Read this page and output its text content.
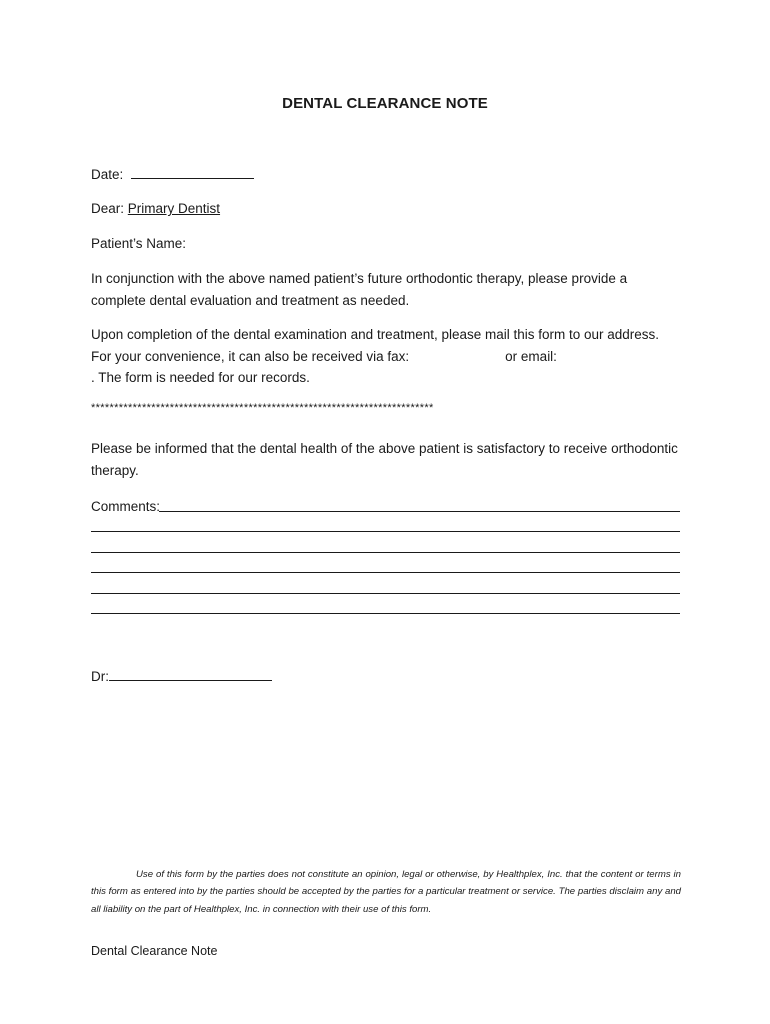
DENTAL CLEARANCE NOTE
Date:
Dear: Primary Dentist
Patient’s Name:
In conjunction with the above named patient’s future orthodontic therapy, please provide a complete dental evaluation and treatment as needed.
Upon completion of the dental examination and treatment, please mail this form to our address. For your convenience, it can also be received via fax:	or email:
. The form is needed for our records.
**************************************************************************
Please be informed that the dental health of the above patient is satisfactory to receive orthodontic therapy.
Comments:
Dr:
Use of this form by the parties does not constitute an opinion, legal or otherwise, by Healthplex, Inc. that the content or terms in this form as entered into by the parties should be accepted by the parties for a particular treatment or service. The parties disclaim any and all liability on the part of Healthplex, Inc. in connection with their use of this form.
Dental Clearance Note
